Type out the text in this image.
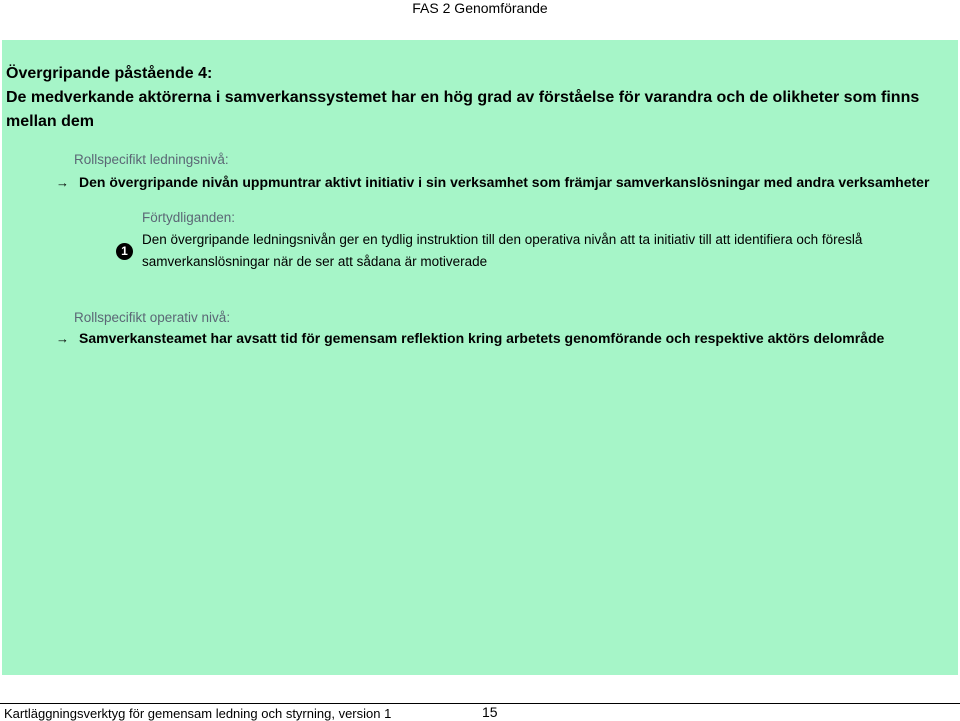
FAS 2 Genomförande
Övergripande påstående 4:
De medverkande aktörerna i samverkanssystemet har en hög grad av förståelse för varandra och de olikheter som finns mellan dem
Rollspecifikt ledningsnivå:
→ Den övergripande nivån uppmuntrar aktivt initiativ i sin verksamhet som främjar samverkanslösningar med andra verksamheter
Förtydliganden:
1
Den övergripande ledningsnivån ger en tydlig instruktion till den operativa nivån att ta initiativ till att identifiera och föreslå samverkanslösningar när de ser att sådana är motiverade
Rollspecifikt operativ nivå:
→ Samverkansteamet har avsatt tid för gemensam reflektion kring arbetets genomförande och respektive aktörs delområde
Kartläggningsverktyg för gemensam ledning och styrning, version 1	15
